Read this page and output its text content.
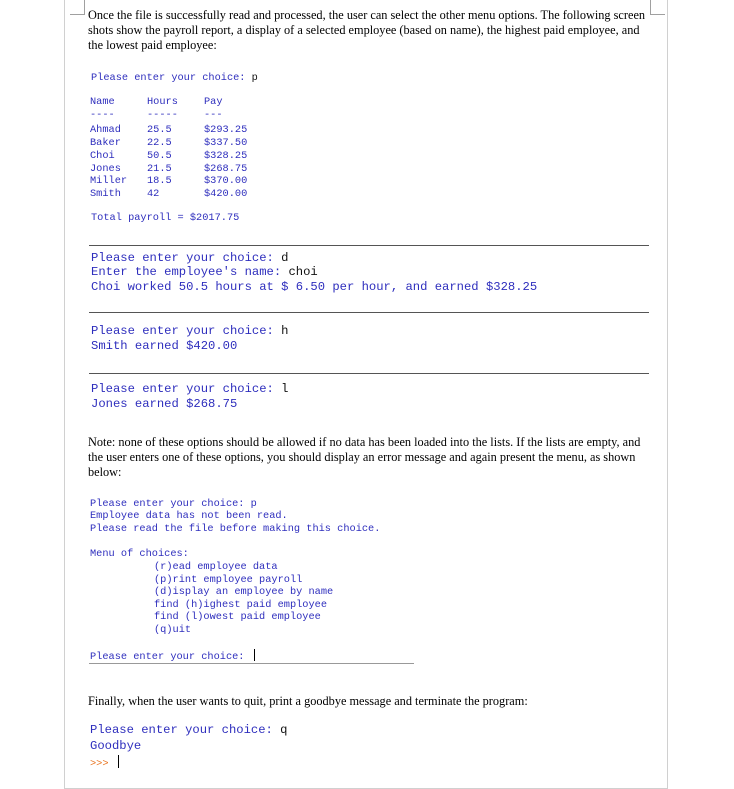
Once the file is successfully read and processed, the user can select the other menu options. The following screen shots show the payroll report, a display of a selected employee (based on name), the highest paid employee, and the lowest paid employee:

Please enter your choice: p
Name	Hours	Pay
----	-----	---
Ahmad	25.5	$293.25
Baker	22.5	$337.50
Choi	50.5	$328.25
Jones	21.5	$268.75
Miller	18.5	$370.00
Smith	42	$420.00
Total payroll = $2017.75
Please enter your choice: d
Enter the employee's name: choi
Choi worked 50.5 hours at $ 6.50 per hour, and earned $328.25
Please enter your choice: h
Smith earned $420.00
Please enter your choice: l
Jones earned $268.75

Note: none of these options should be allowed if no data has been loaded into the lists. If the lists are empty, and the user enters one of these options, you should display an error message and again present the menu, as shown below:

Please enter your choice: p
Employee data has not been read.
Please read the file before making this choice.
Menu of choices:
(r)ead employee data
(p)rint employee payroll
(d)isplay an employee by name
find (h)ighest paid employee
find (l)owest paid employee
(q)uit
Please enter your choice:

Finally, when the user wants to quit, print a goodbye message and terminate the program:

Please enter your choice: q
Goodbye
>>>
